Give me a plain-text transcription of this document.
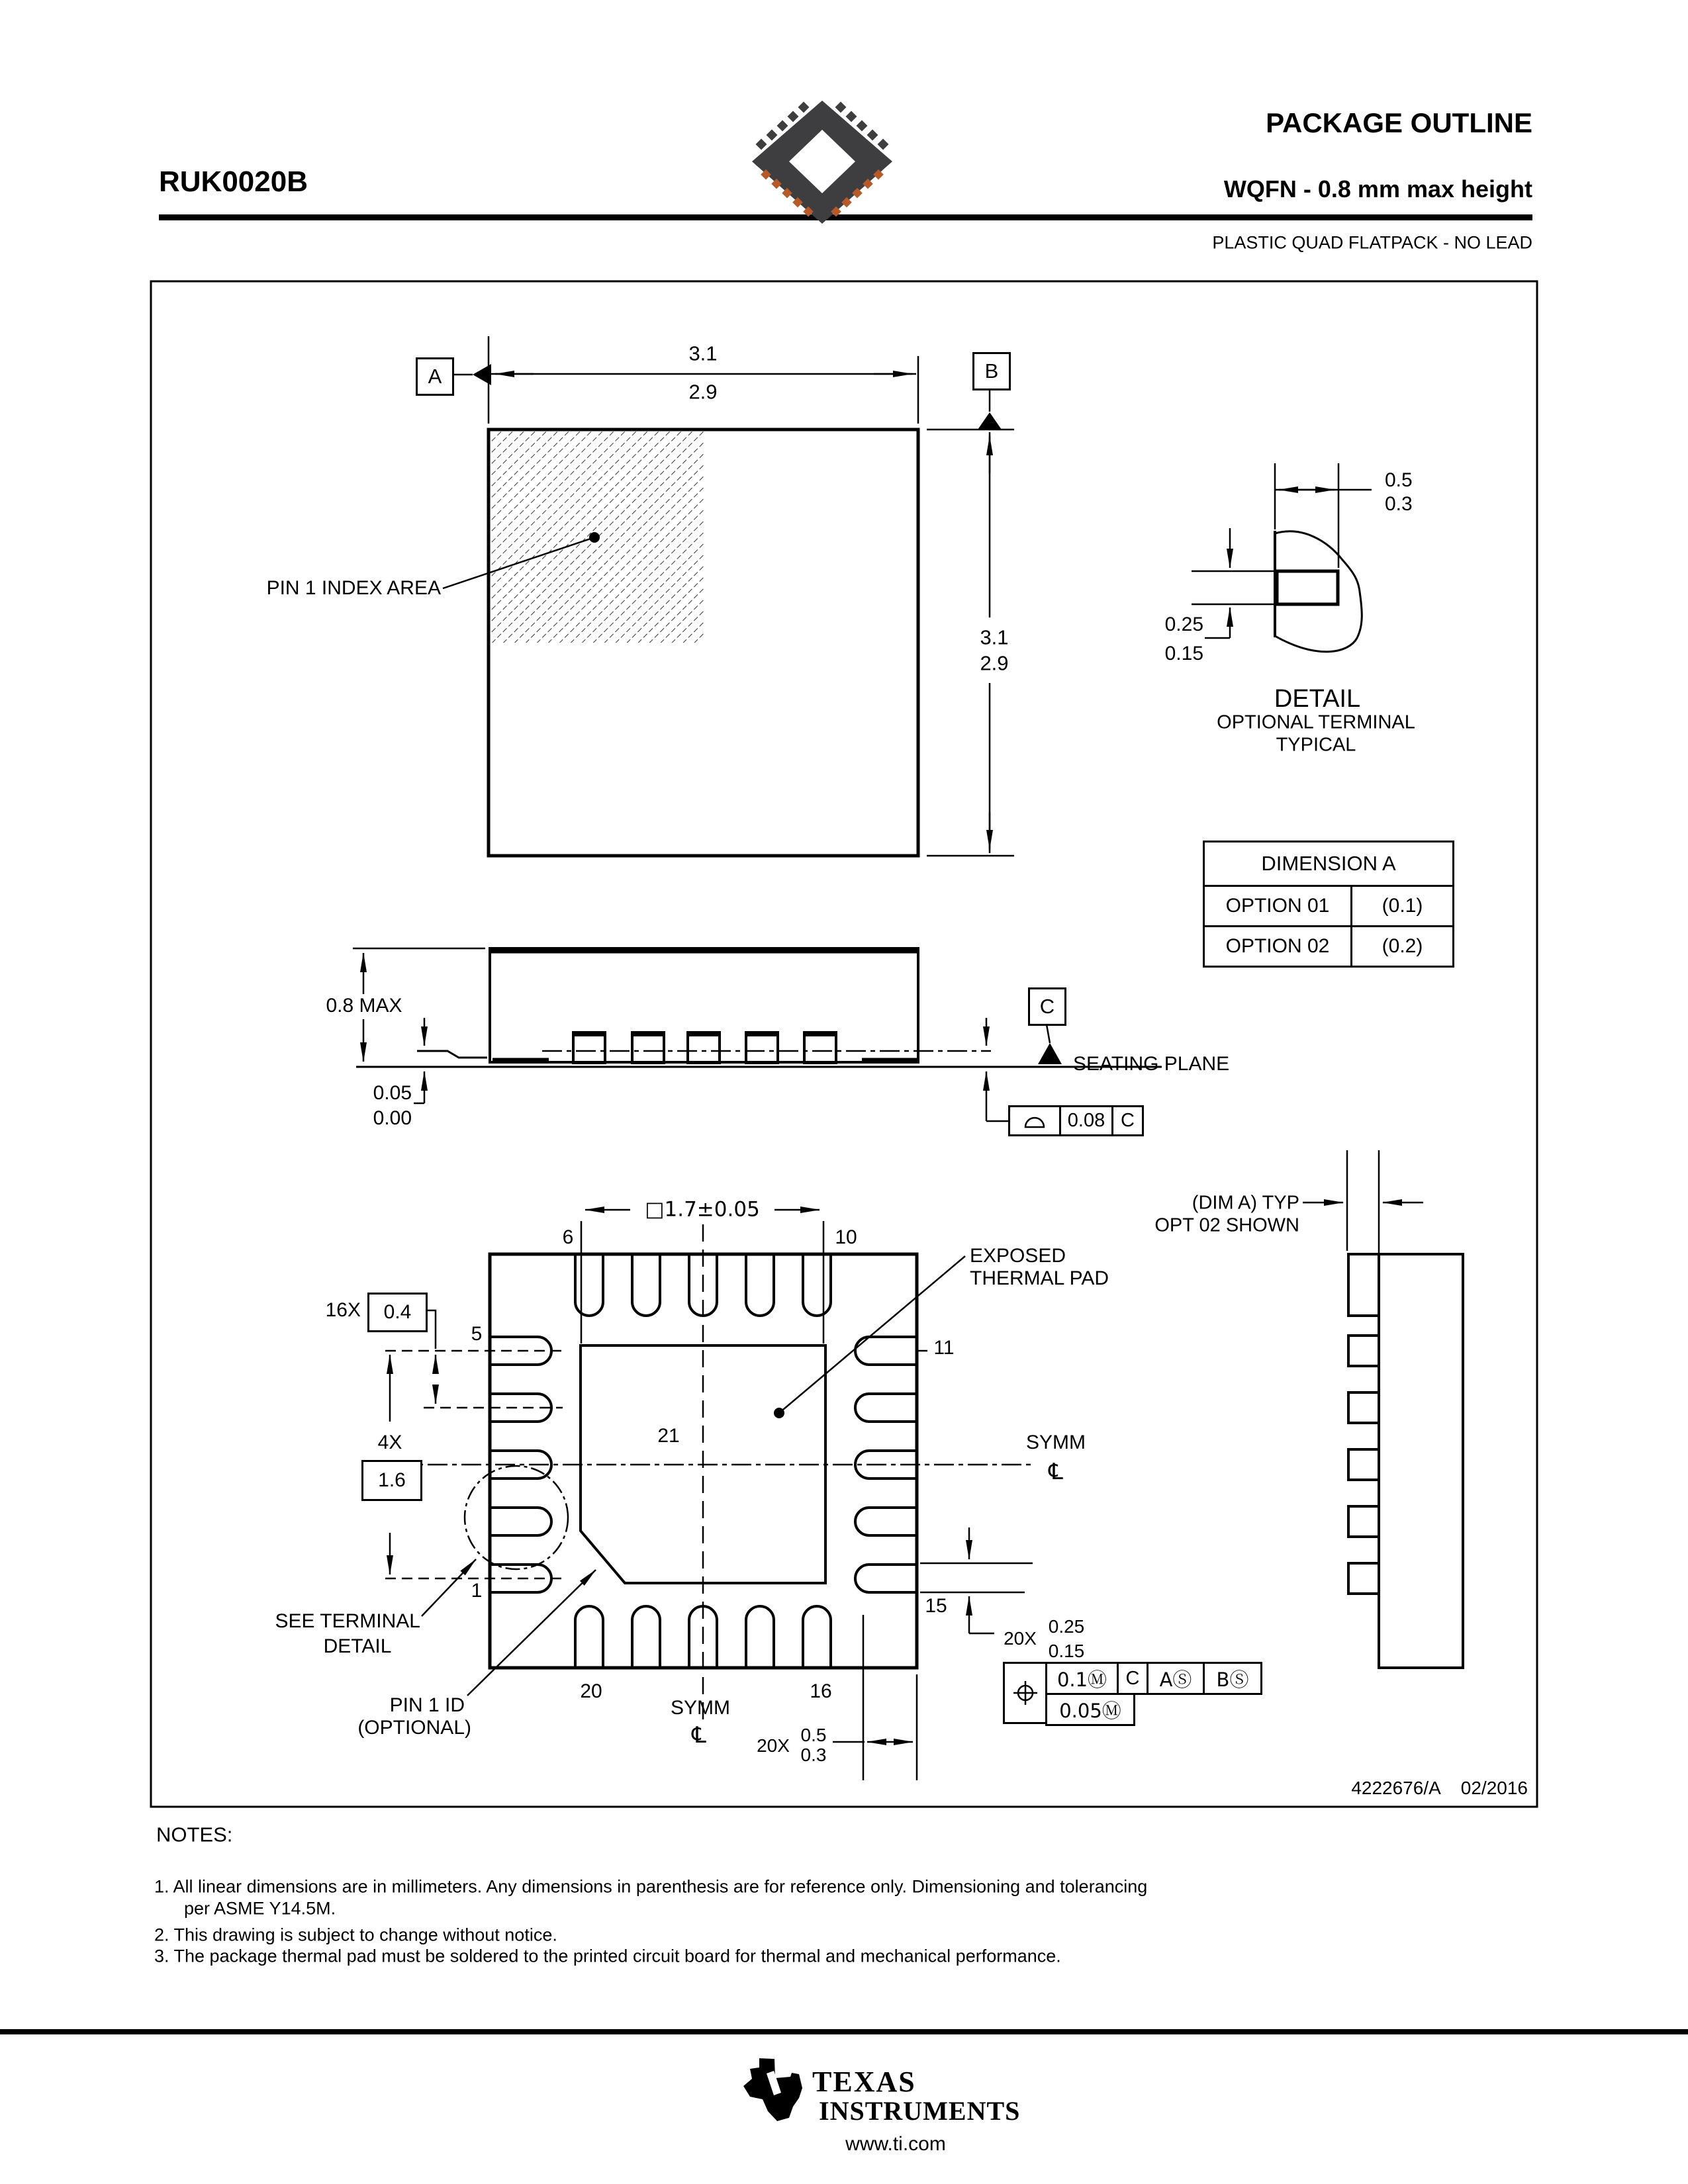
PACKAGE OUTLINE
RUK0020B	WQFN - 0.8 mm max height
PLASTIC QUAD FLATPACK - NO LEAD
A	B
3.1
2.9
3.1
2.9
PIN 1 INDEX AREA
0.5
0.3
0.25
0.15
DETAIL
OPTIONAL TERMINAL
TYPICAL
DIMENSION A
OPTION 01	(0.1)
OPTION 02	(0.2)
0.8 MAX
0.05
0.00
C
SEATING PLANE
0.08 C
□1.7±0.05
6	10
5
11
1
15
20	16
21
EXPOSED
THERMAL PAD
16X 0.4
4X
1.6
SYMM
℄
SYMM
℄
SEE TERMINAL
DETAIL
PIN 1 ID
(OPTIONAL)
20X
0.5
0.3
20X
0.25
0.15
(DIM A) TYP
OPT 02 SHOWN
0.1Ⓜ C	AⓈ	BⓈ
0.05Ⓜ
4222676/A 02/2016
NOTES:
1. All linear dimensions are in millimeters. Any dimensions in parenthesis are for reference only. Dimensioning and tolerancing
per ASME Y14.5M.
2. This drawing is subject to change without notice.
3. The package thermal pad must be soldered to the printed circuit board for thermal and mechanical performance.
TEXAS
INSTRUMENTS
www.ti.com
